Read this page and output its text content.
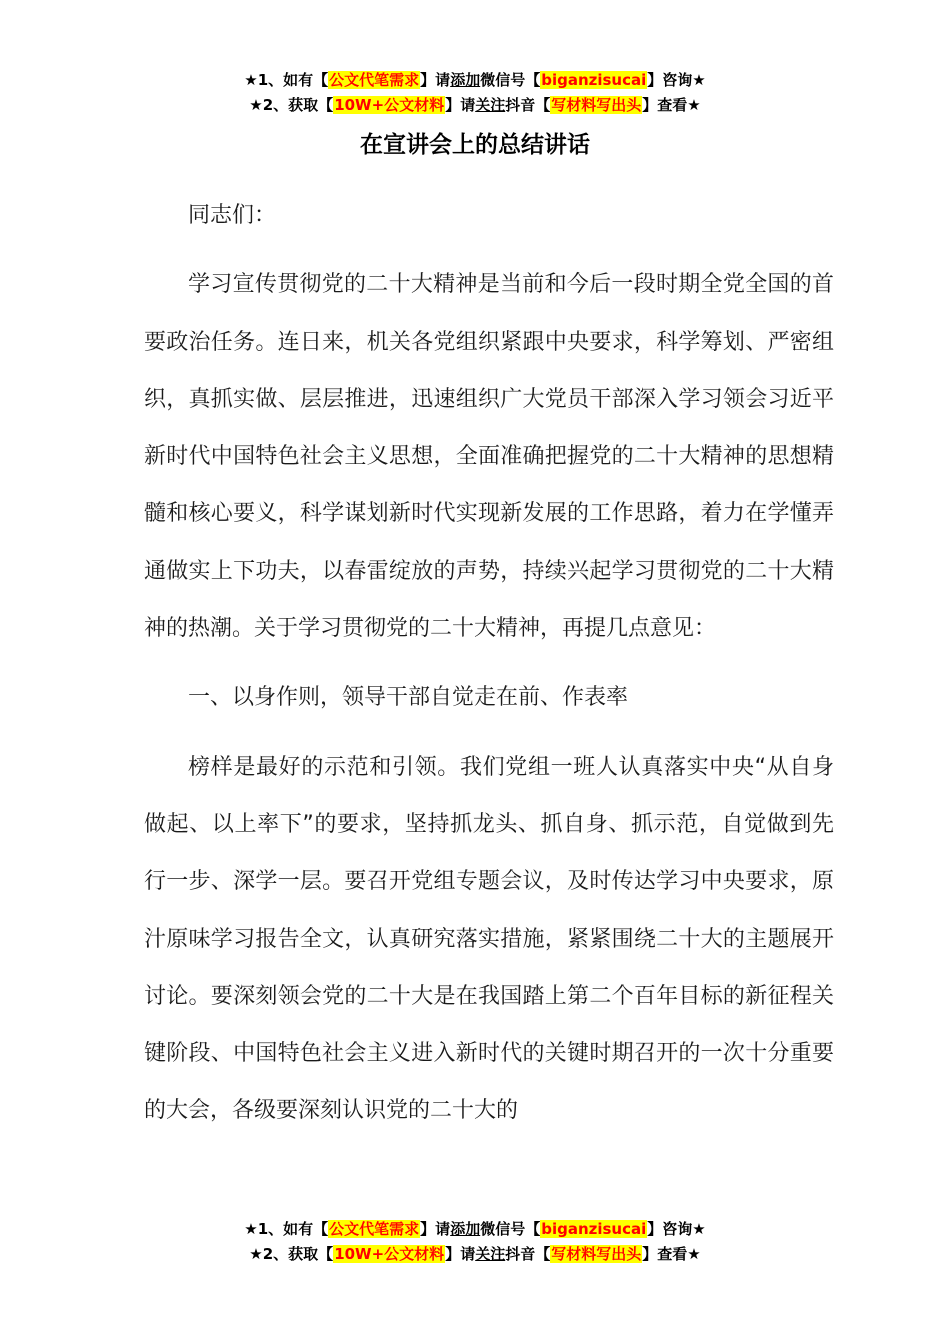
★1、如有【公文代笔需求】请添加微信号【biganzisucai】咨询★
★2、获取【10W+公文材料】请关注抖音【写材料写出头】查看★
在宣讲会上的总结讲话

同志们：

学习宣传贯彻党的二十大精神是当前和今后一段时期全党全国的首要政治任务。连日来，机关各党组织紧跟中央要求，科学筹划、严密组织，真抓实做、层层推进，迅速组织广大党员干部深入学习领会习近平新时代中国特色社会主义思想，全面准确把握党的二十大精神的思想精髓和核心要义，科学谋划新时代实现新发展的工作思路，着力在学懂弄通做实上下功夫，以春雷绽放的声势，持续兴起学习贯彻党的二十大精神的热潮。关于学习贯彻党的二十大精神，再提几点意见：

一、以身作则，领导干部自觉走在前、作表率

榜样是最好的示范和引领。我们党组一班人认真落实中央“从自身做起、以上率下”的要求，坚持抓龙头、抓自身、抓示范，自觉做到先行一步、深学一层。要召开党组专题会议，及时传达学习中央要求，原汁原味学习报告全文，认真研究落实措施，紧紧围绕二十大的主题展开讨论。要深刻领会党的二十大是在我国踏上第二个百年目标的新征程关键阶段、中国特色社会主义进入新时代的关键时期召开的一次十分重要的大会，各级要深刻认识党的二十大的

★1、如有【公文代笔需求】请添加微信号【biganzisucai】咨询★
★2、获取【10W+公文材料】请关注抖音【写材料写出头】查看★
